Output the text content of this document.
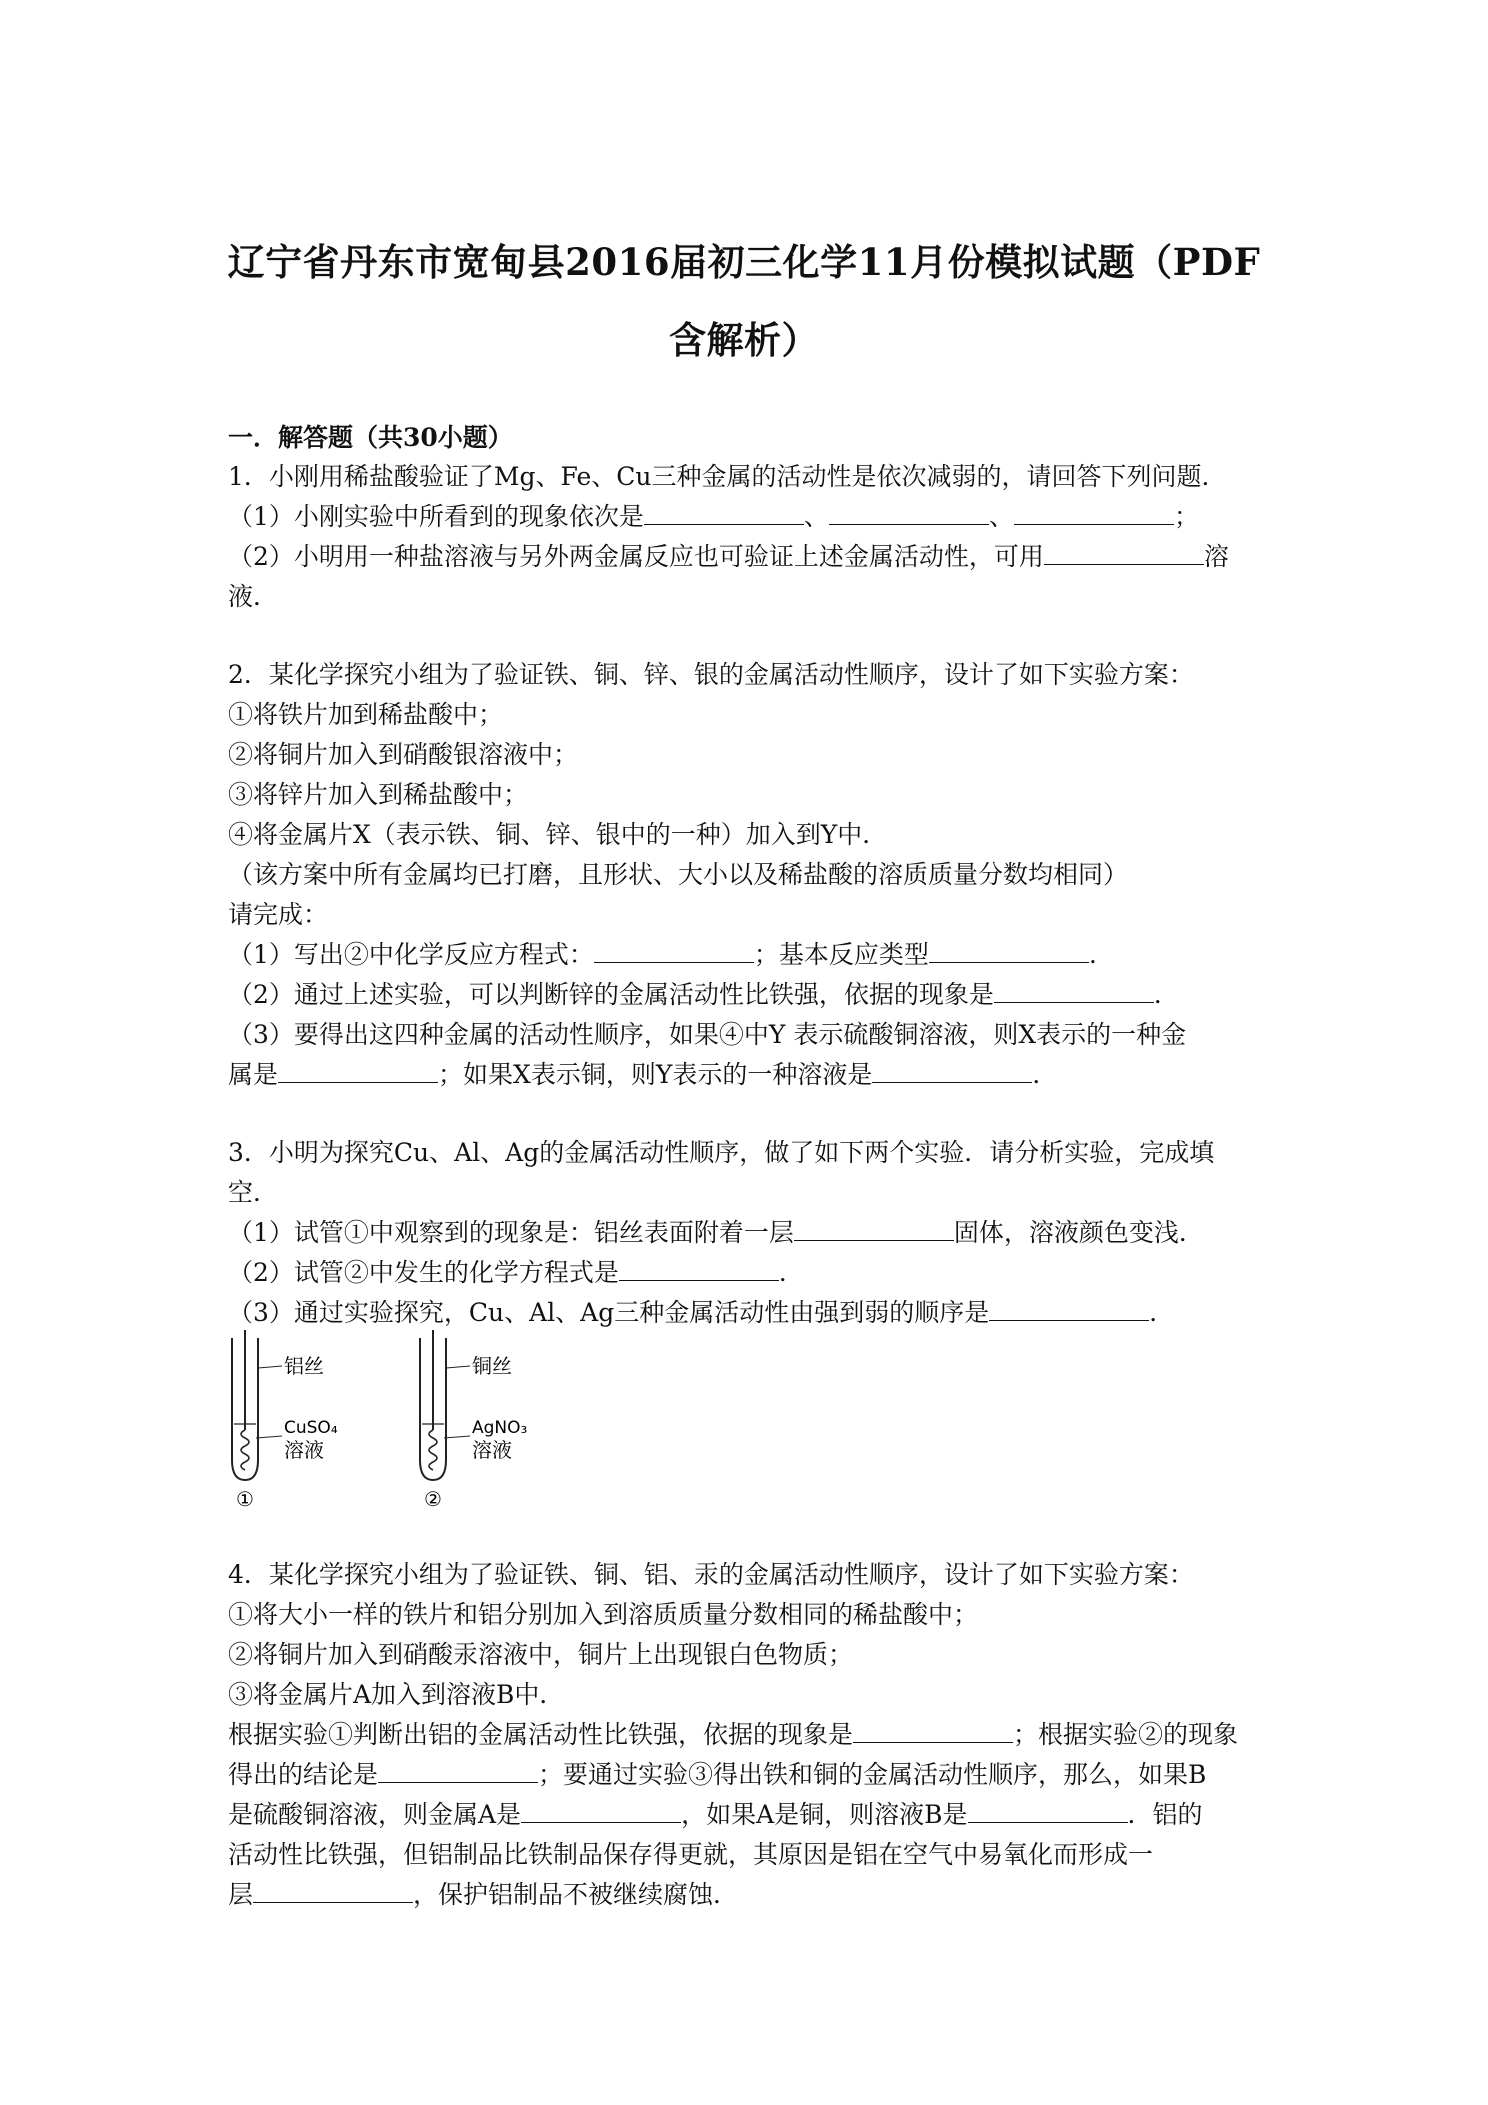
辽宁省丹东市宽甸县2016届初三化学11月份模拟试题（PDF
含解析）
一．解答题（共30小题）
1．小刚用稀盐酸验证了Mg、Fe、Cu三种金属的活动性是依次减弱的，请回答下列问题．
（1）小刚实验中所看到的现象依次是	、	、	；
（2）小明用一种盐溶液与另外两金属反应也可验证上述金属活动性，可用	溶
液．
2．某化学探究小组为了验证铁、铜、锌、银的金属活动性顺序，设计了如下实验方案：
①将铁片加到稀盐酸中；
②将铜片加入到硝酸银溶液中；
③将锌片加入到稀盐酸中；
④将金属片X（表示铁、铜、锌、银中的一种）加入到Y中．
（该方案中所有金属均已打磨，且形状、大小以及稀盐酸的溶质质量分数均相同）
请完成：
（1）写出②中化学反应方程式：	；基本反应类型	．
（2）通过上述实验，可以判断锌的金属活动性比铁强，依据的现象是	．
（3）要得出这四种金属的活动性顺序，如果④中Y 表示硫酸铜溶液，则X表示的一种金
属是	；如果X表示铜，则Y表示的一种溶液是	．
3．小明为探究Cu、Al、Ag的金属活动性顺序，做了如下两个实验．请分析实验，完成填
空．
（1）试管①中观察到的现象是：铝丝表面附着一层	固体，溶液颜色变浅．
（2）试管②中发生的化学方程式是	．
（3）通过实验探究，Cu、Al、Ag三种金属活动性由强到弱的顺序是	．
铝丝
CuSO₄
溶液
①
铜丝
AgNO₃
溶液
②
4．某化学探究小组为了验证铁、铜、铝、汞的金属活动性顺序，设计了如下实验方案：
①将大小一样的铁片和铝分别加入到溶质质量分数相同的稀盐酸中；
②将铜片加入到硝酸汞溶液中，铜片上出现银白色物质；
③将金属片A加入到溶液B中．
根据实验①判断出铝的金属活动性比铁强，依据的现象是	；根据实验②的现象
得出的结论是	；要通过实验③得出铁和铜的金属活动性顺序，那么，如果B
是硫酸铜溶液，则金属A是	，如果A是铜，则溶液B是	．铝的
活动性比铁强，但铝制品比铁制品保存得更就，其原因是铝在空气中易氧化而形成一
层	，保护铝制品不被继续腐蚀．
